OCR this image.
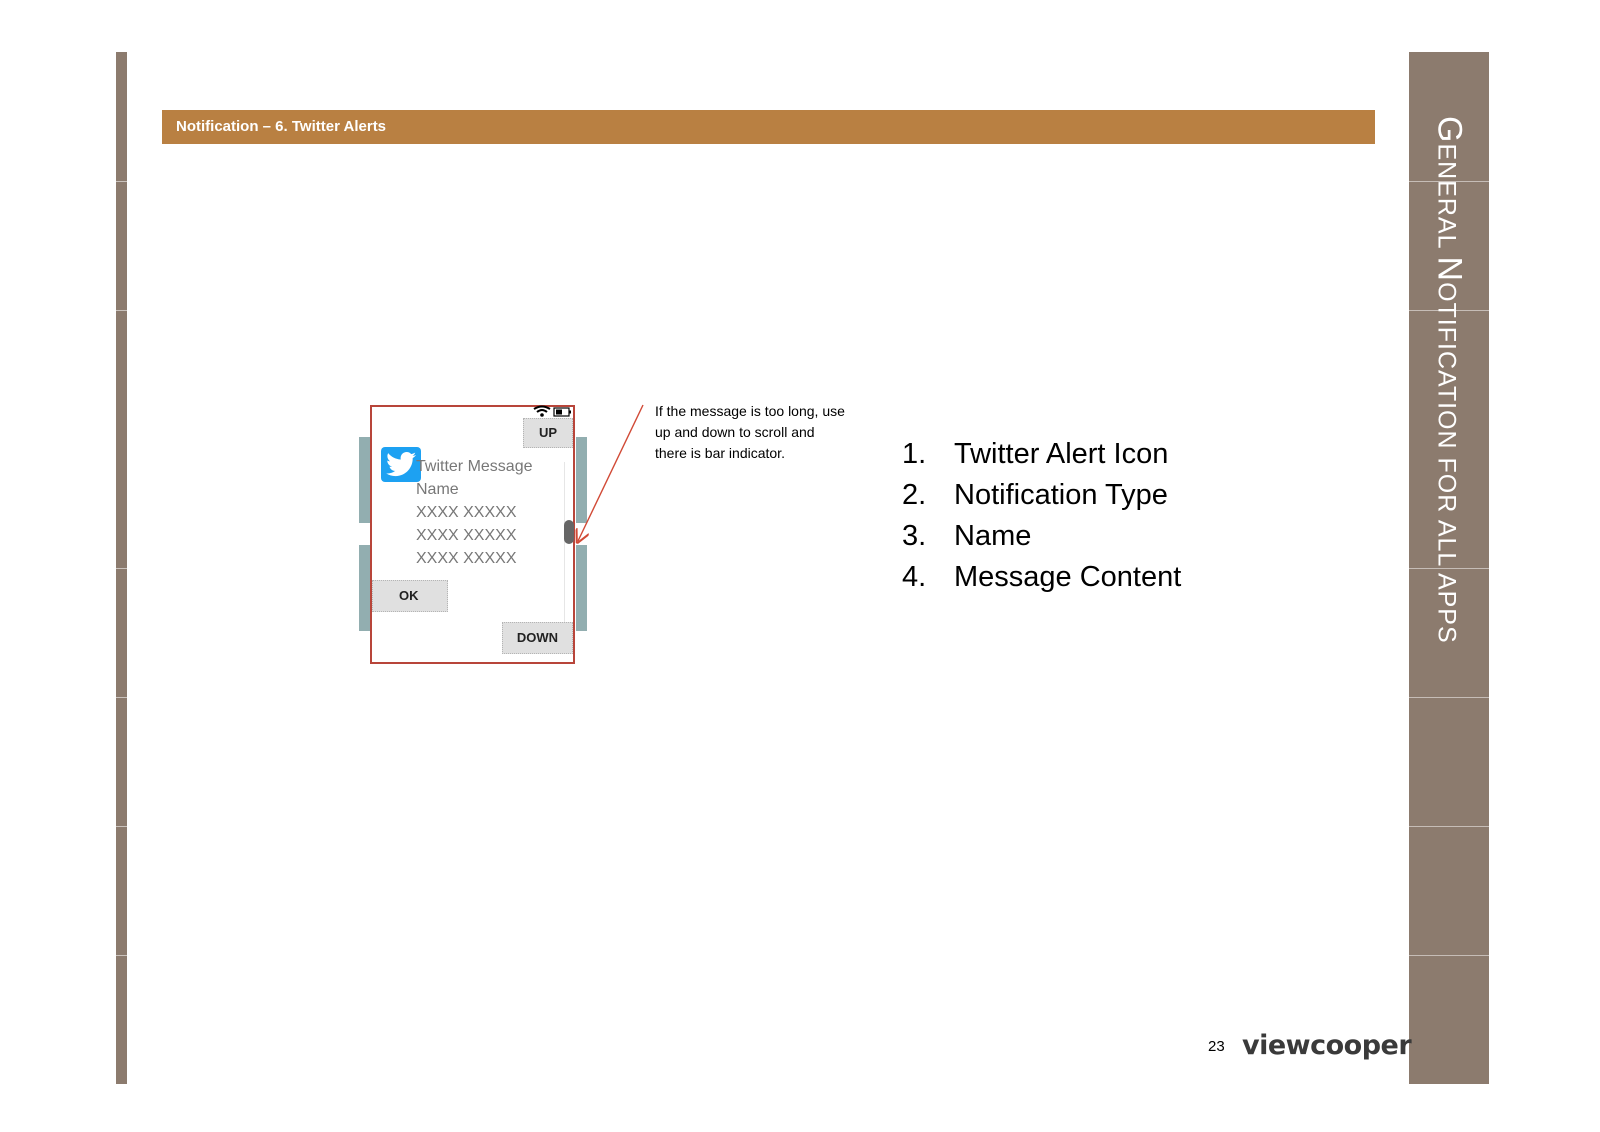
GENERAL NOTIFICATION FOR ALL APPS
Notification – 6. Twitter Alerts
UP
OK
DOWN
Twitter Message
Name
XXXX XXXXX
XXXX XXXXX
XXXX XXXXX
If the message is too long, use up and down to scroll and there is bar indicator.	1. Twitter Alert Icon
2. Notification Type
3. Name
4. Message Content
23 viewcooper
